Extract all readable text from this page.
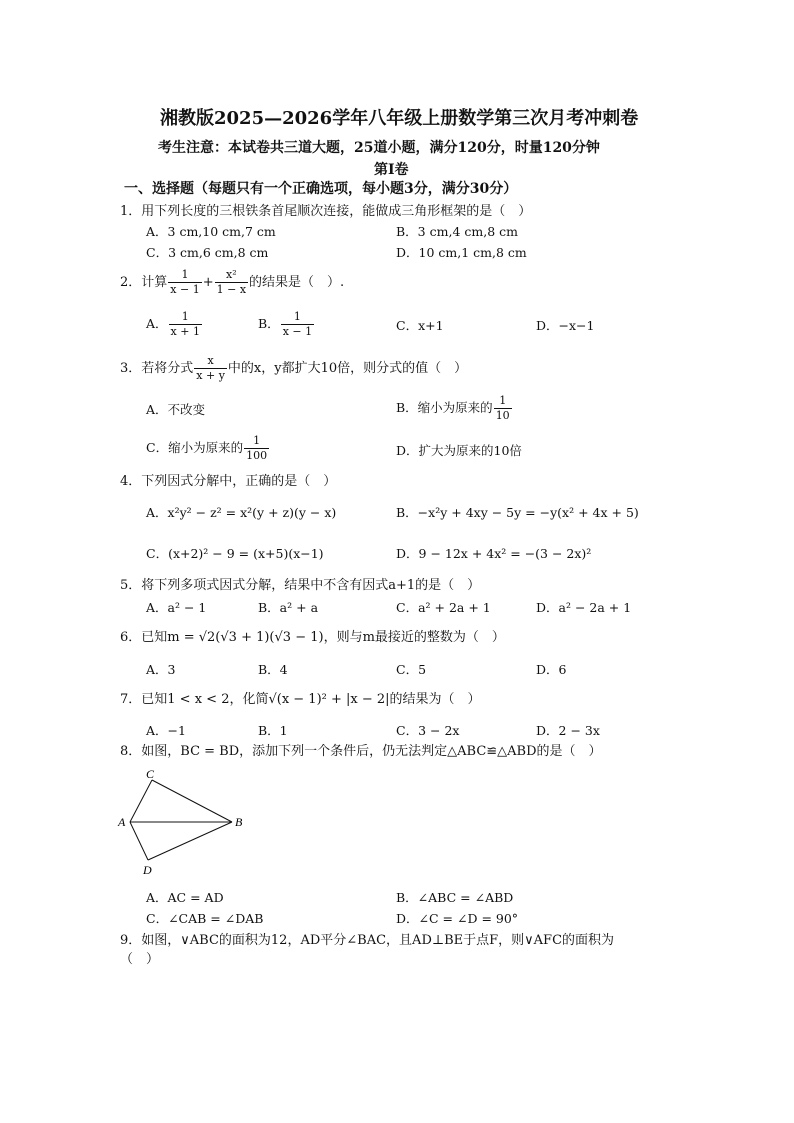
湘教版2025—2026学年八年级上册数学第三次月考冲刺卷
考生注意：本试卷共三道大题，25道小题，满分120分，时量120分钟
第I卷
一、选择题（每题只有一个正确选项，每小题3分，满分30分）
1．用下列长度的三根铁条首尾顺次连接，能做成三角形框架的是（　）
A．3 cm,10 cm,7 cm	B．3 cm,4 cm,8 cm
C．3 cm,6 cm,8 cm	D．10 cm,1 cm,8 cm
2．计算 $\frac{1}{x - 1} + \frac{\text{x²}}{1 - x}$ 的结果是（　）.
A． $\frac{1}{x + 1}$	B． $\frac{1}{x - 1}$	C．x+1	D．−x−1
3．若将分式 $\frac{x}{x + y}$ 中的x，y都扩大10倍，则分式的值（　）
A．不改变	B．缩小为原来的 $\frac{1}{10}$
C．缩小为原来的 $\frac{1}{100}$	D．扩大为原来的10倍
4．下列因式分解中，正确的是（　）
A．x²y² − z² = x²(y + z)(y − x)	B．−x²y + 4xy − 5y = −y(x² + 4x + 5)
C．(x+2)² − 9 = (x+5)(x−1)	D．9 − 12x + 4x² = −(3 − 2x)²
5．将下列多项式因式分解，结果中不含有因式a+1的是（　）
A．a² − 1	B．a² + a	C．a² + 2a + 1	D．a² − 2a + 1
6．已知m = √2(√3 + 1)(√3 − 1)，则与m最接近的整数为（　）
A．3	B．4	C．5	D．6
7．已知1 < x < 2，化简√(x − 1)² + |x − 2|的结果为（　）
A．−1	B．1	C．3 − 2x	D．2 − 3x
8．如图，BC = BD，添加下列一个条件后，仍无法判定△ABC≌△ABD的是（　）
C
A	B
D
A．AC = AD	B．∠ABC = ∠ABD
C．∠CAB = ∠DAB	D．∠C = ∠D = 90°
9．如图，∨ABC的面积为12，AD平分∠BAC，且AD⊥BE于点F，则∨AFC的面积为
（　）
